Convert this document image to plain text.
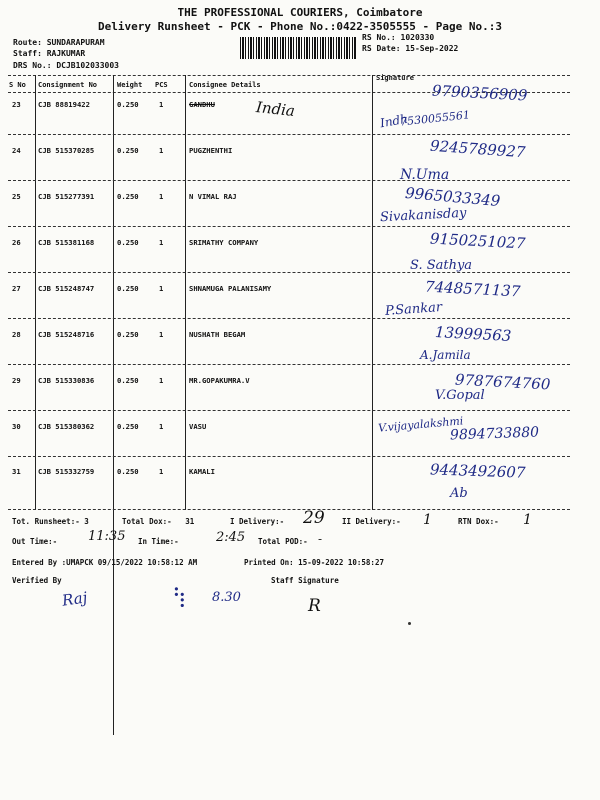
THE PROFESSIONAL COURIERS, Coimbatore
Delivery Runsheet - PCK - Phone No.:0422-3505555 - Page No.:3
Route: SUNDARAPURAM
Staff: RAJKUMAR
DRS No.: DCJB102033003
RS No.: 1020330
RS Date: 15-Sep-2022
S No Consignment No	Weight PCS	Consignee Details
Signature
23 CJB 88819422	0.250	1	GANDHU	India
9790356909
7530055561
Indh
24 CJB 515370285	0.250	1	PUGZHENTHI	9245789927
N.Uma
25 CJB 515277391	0.250	1	N VIMAL RAJ	9965033349
Sivakanisday
26 CJB 515381168	0.250	1	SRIMATHY COMPANY	9150251027
S. Sathya
27 CJB 515248747	0.250	1	SHNAMUGA PALANISAMY	7448571137
P.Sankar
28 CJB 515248716	0.250	1	NUSHATH BEGAM	13999563
A.Jamila
29 CJB 515330836	0.250	1	MR.GOPAKUMRA.V	9787674760
V.Gopal
30 CJB 515380362	0.250	1	VASU	V.vijayalakshmi
9894733880
31 CJB 515332759	0.250	1	KAMALI	9443492607
Ab
Tot. Runsheet:- 3	Total Dox:-   31	I Delivery:- 29 II Delivery:- 1	RTN Dox:- 1
Out Time:- 11:35 In Time:-	2:45 Total POD:- -
Entered By :UMAPCK 09/15/2022 10:58:12 AM	Printed On: 15-09-2022 10:58:27
Verified By	Staff Signature
Raj	⢳ 8.30	R
